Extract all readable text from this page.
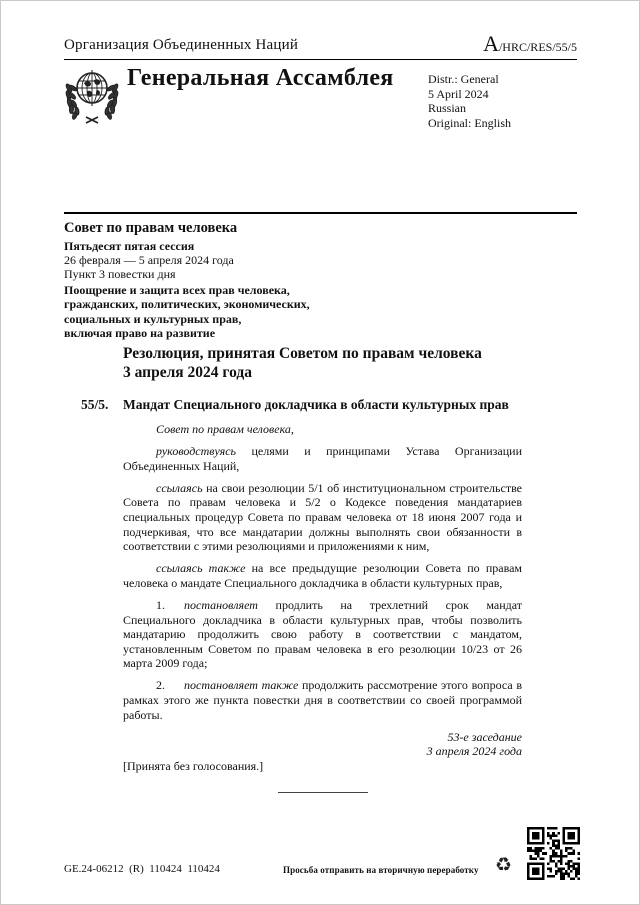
Организация Объединенных Наций	A/HRC/RES/55/5
Генеральная Ассамблея	Distr.: General
5 April 2024
Russian
Original: English
Совет по правам человека
Пятьдесят пятая сессия
26 февраля — 5 апреля 2024 года
Пункт 3 повестки дня
Поощрение и защита всех прав человека,
гражданских, политических, экономических,
социальных и культурных прав,
включая право на развитие
Резолюция, принятая Советом по правам человека
3 апреля 2024 года
55/5. Мандат Специального докладчика в области культурных прав

Совет по правам человека,

руководствуясь целями и принципами Устава Организации Объединенных Наций,

ссылаясь на свои резолюции 5/1 об институциональном строительстве Совета по правам человека и 5/2 о Кодексе поведения мандатариев специальных процедур Совета по правам человека от 18 июня 2007 года и подчеркивая, что все мандатарии должны выполнять свои обязанности в соответствии с этими резолюциями и приложениями к ним,

ссылаясь также на все предыдущие резолюции Совета по правам человека о мандате Специального докладчика в области культурных прав,

1. постановляет продлить на трехлетний срок мандат Специального докладчика в области культурных прав, чтобы позволить мандатарию продолжить свою работу в соответствии с мандатом, установленным Советом по правам человека в его резолюции 10/23 от 26 марта 2009 года;

2. постановляет также продолжить рассмотрение этого вопроса в рамках этого же пункта повестки дня в соответствии со своей программой работы.

53-е заседание
3 апреля 2024 года

[Принята без голосования.]

GE.24-06212  (R)  110424  110424	Просьба отправить на вторичную переработку ♻
